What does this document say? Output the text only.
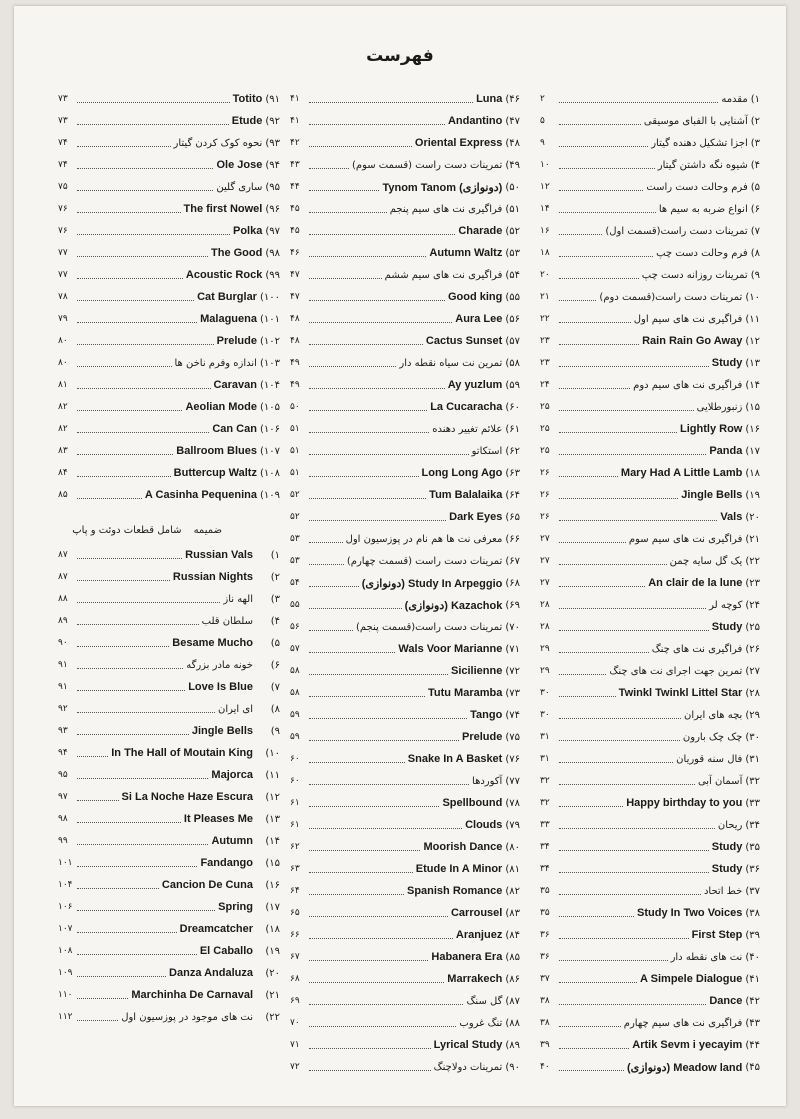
فهرست
۱)
مقدمه
۲
۲)
آشنایی با الفبای موسیقی
۵
۳)
اجزا تشکیل دهنده گیتار
۹
۴)
شیوه نگه داشتن گیتار
۱۰
۵)
فرم وحالت دست راست
۱۲
۶)
انواع ضربه به سیم ها
۱۴
۷)
تمرینات دست راست(قسمت اول)
۱۶
۸)
فرم وحالت دست چپ
۱۸
۹)
تمرینات روزانه دست چپ
۲۰
۱۰)
تمرینات دست راست(قسمت دوم)
۲۱
۱۱)
فراگیری نت های سیم اول
۲۲
۱۲)
Rain Rain Go Away
۲۳
۱۳)
Study
۲۳
۱۴)
فراگیری نت های سیم دوم
۲۴
۱۵)
زنبورطلایی
۲۵
۱۶)
Lightly Row
۲۵
۱۷)
Panda
۲۵
۱۸)
Mary Had A Little Lamb
۲۶
۱۹)
Jingle Bells
۲۶
۲۰)
Vals
۲۶
۲۱)
فراگیری نت های سیم سوم
۲۷
۲۲)
یک گل سایه چمن
۲۷
۲۳)
An clair de la lune
۲۷
۲۴)
کوچه لر
۲۸
۲۵)
Study
۲۸
۲۶)
فراگیری نت های چنگ
۲۹
۲۷)
تمرین جهت اجرای نت های چنگ
۲۹
۲۸)
Twinkl Twinkl Littel Star
۳۰
۲۹)
بچه های ایران
۳۰
۳۰)
چک چک بارون
۳۱
۳۱)
فال سنه قوریان
۳۱
۳۲)
آسمان آبی
۳۲
۳۳)
Happy birthday to you
۳۲
۳۴)
ریحان
۳۳
۳۵)
Study
۳۴
۳۶)
Study
۳۴
۳۷)
خط اتحاد
۳۵
۳۸)
Study In Two Voices
۳۵
۳۹)
First Step
۳۶
۴۰)
نت های نقطه دار
۳۶
۴۱)
A Simpele Dialogue
۳۷
۴۲)
Dance
۳۸
۴۳)
فراگیری نت های سیم چهارم
۳۸
۴۴)
Artik Sevm i yecayim
۳۹
۴۵)
Meadow land (دونوازی)
۴۰
۴۶)
Luna
۴۱
۴۷)
Andantino
۴۱
۴۸)
Oriental Express
۴۲
۴۹)
تمرینات دست راست (قسمت سوم)
۴۳
۵۰)
(دونوازی) Tynom Tanom
۴۴
۵۱)
فراگیری نت های سیم پنجم
۴۵
۵۲)
Charade
۴۵
۵۳)
Autumn Waltz
۴۶
۵۴)
فراگیری نت های سیم ششم
۴۷
۵۵)
Good king
۴۷
۵۶)
Aura Lee
۴۸
۵۷)
Cactus Sunset
۴۸
۵۸)
تمرین نت سیاه نقطه دار
۴۹
۵۹)
Ay yuzlum
۴۹
۶۰)
La Cucaracha
۵۰
۶۱)
علائم تغییر دهنده
۵۱
۶۲)
استکاتو
۵۱
۶۳)
Long Long Ago
۵۱
۶۴)
Tum Balalaika
۵۲
۶۵)
Dark Eyes
۵۲
۶۶)
معرفی نت ها هم نام در پوزسیون اول
۵۳
۶۷)
تمرینات دست راست (قسمت چهارم)
۵۳
۶۸)
Study In Arpeggio (دونوازی)
۵۴
۶۹)
Kazachok (دونوازی)
۵۵
۷۰)
تمرینات دست راست(قسمت پنجم)
۵۶
۷۱)
Wals Voor Marianne
۵۷
۷۲)
Sicilienne
۵۸
۷۳)
Tutu Maramba
۵۸
۷۴)
Tango
۵۹
۷۵)
Prelude
۵۹
۷۶)
Snake In A Basket
۶۰
۷۷)
آکوردها
۶۰
۷۸)
Spellbound
۶۱
۷۹)
Clouds
۶۱
۸۰)
Moorish Dance
۶۲
۸۱)
Etude In A Minor
۶۳
۸۲)
Spanish Romance
۶۴
۸۳)
Carrousel
۶۵
۸۴)
Aranjuez
۶۶
۸۵)
Habanera Era
۶۷
۸۶)
Marrakech
۶۸
۸۷)
گل سنگ
۶۹
۸۸)
تنگ غروب
۷۰
۸۹)
Lyrical Study
۷۱
۹۰)
تمرینات دولاچنگ
۷۲
۹۱)
Totito
۷۳
۹۲)
Etude
۷۳
۹۳)
نحوه کوک کردن گیتار
۷۴
۹۴)
Ole Jose
۷۴
۹۵)
ساری گلین
۷۵
۹۶)
The first Nowel
۷۶
۹۷)
Polka
۷۶
۹۸)
The Good
۷۷
۹۹)
Acoustic Rock
۷۷
۱۰۰)
Cat Burglar
۷۸
۱۰۱)
Malaguena
۷۹
۱۰۲)
Prelude
۸۰
۱۰۳)
اندازه وفرم ناخن ها
۸۰
۱۰۴)
Caravan
۸۱
۱۰۵)
Aeolian Mode
۸۲
۱۰۶)
Can Can
۸۲
۱۰۷)
Ballroom Blues
۸۳
۱۰۸)
Buttercup Waltz
۸۴
۱۰۹)
A Casinha Pequenina
۸۵
ضمیمه
شامل قطعات دوئت و پاپ
۱)
Russian Vals
۸۷
۲)
Russian Nights
۸۷
۳)
الهه ناز
۸۸
۴)
سلطان قلب
۸۹
۵)
Besame Mucho
۹۰
۶)
خونه مادر بزرگه
۹۱
۷)
Love Is Blue
۹۱
۸)
ای ایران
۹۲
۹)
Jingle Bells
۹۳
۱۰)
In The Hall of Moutain King
۹۴
۱۱)
Majorca
۹۵
۱۲)
Si La Noche Haze Escura
۹۷
۱۳)
It Pleases Me
۹۸
۱۴)
Autumn
۹۹
۱۵)
Fandango
۱۰۱
۱۶)
Cancion De Cuna
۱۰۴
۱۷)
Spring
۱۰۶
۱۸)
Dreamcatcher
۱۰۷
۱۹)
El Caballo
۱۰۸
۲۰)
Danza Andaluza
۱۰۹
۲۱)
Marchinha De Carnaval
۱۱۰
۲۲)
نت های موجود در پوزسیون اول
۱۱۲
